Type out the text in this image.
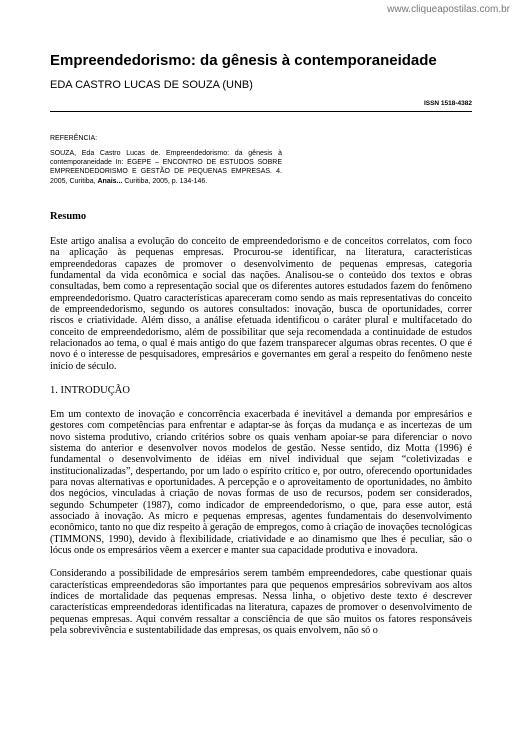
www.cliqueapostilas.com.br
Empreendedorismo: da gênesis à contemporaneidade
EDA CASTRO LUCAS DE SOUZA (UNB)
ISSN 1518-4382
REFERÊNCIA:
SOUZA, Eda Castro Lucas de. Empreendedorismo: da gênesis à contemporaneidade In: EGEPE – ENCONTRO DE ESTUDOS SOBRE EMPREENDEDORISMO E GESTÃO DE PEQUENAS EMPRESAS. 4. 2005, Curitiba, Anais... Curitiba, 2005, p. 134-146.
Resumo

Este artigo analisa a evolução do conceito de empreendedorismo e de conceitos correlatos, com foco na aplicação às pequenas empresas. Procurou-se identificar, na literatura, características empreendedoras capazes de promover o desenvolvimento de pequenas empresas, categoria fundamental da vida econômica e social das nações. Analisou-se o conteúdo dos textos e obras consultadas, bem como a representação social que os diferentes autores estudados fazem do fenômeno empreendedorismo. Quatro características apareceram como sendo as mais representativas do conceito de empreendedorismo, segundo os autores consultados: inovação, busca de oportunidades, correr riscos e criatividade. Além disso, a análise efetuada identificou o caráter plural e multifacetado do conceito de empreendedorismo, além de possibilitar que seja recomendada a continuidade de estudos relacionados ao tema, o qual é mais antigo do que fazem transparecer algumas obras recentes. O que é novo é o interesse de pesquisadores, empresários e governantes em geral a respeito do fenômeno neste início de século.

1. INTRODUÇÃO

Em um contexto de inovação e concorrência exacerbada é inevitável a demanda por empresários e gestores com competências para enfrentar e adaptar-se às forças da mudança e as incertezas de um novo sistema produtivo, criando critérios sobre os quais venham apoiar-se para diferenciar o novo sistema do anterior e desenvolver novos modelos de gestão. Nesse sentido, diz Motta (1996) é fundamental o desenvolvimento de idéias em nível individual que sejam “coletivizadas e institucionalizadas”, despertando, por um lado o espírito crítico e, por outro, oferecendo oportunidades para novas alternativas e oportunidades. A percepção e o aproveitamento de oportunidades, no âmbito dos negócios, vinculadas à criação de novas formas de uso de recursos, podem ser considerados, segundo Schumpeter (1987), como indicador de empreendedorismo, o que, para esse autor, está associado à inovação. As micro e pequenas empresas, agentes fundamentais do desenvolvimento econômico, tanto no que diz respeito à geração de empregos, como à criação de inovações tecnológicas (TIMMONS, 1990), devido à flexibilidade, criatividade e ao dinamismo que lhes é peculiar, são o lócus onde os empresários vêem a exercer e manter sua capacidade produtiva e inovadora.

Considerando a possibilidade de empresários serem também empreendedores, cabe questionar quais características empreendedoras são importantes para que pequenos empresários sobrevivam aos altos índices de mortalidade das pequenas empresas. Nessa linha, o objetivo deste texto é descrever características empreendedoras identificadas na literatura, capazes de promover o desenvolvimento de pequenas empresas. Aqui convém ressaltar a consciência de que são muitos os fatores responsáveis pela sobrevivência e sustentabilidade das empresas, os quais envolvem, não só o
